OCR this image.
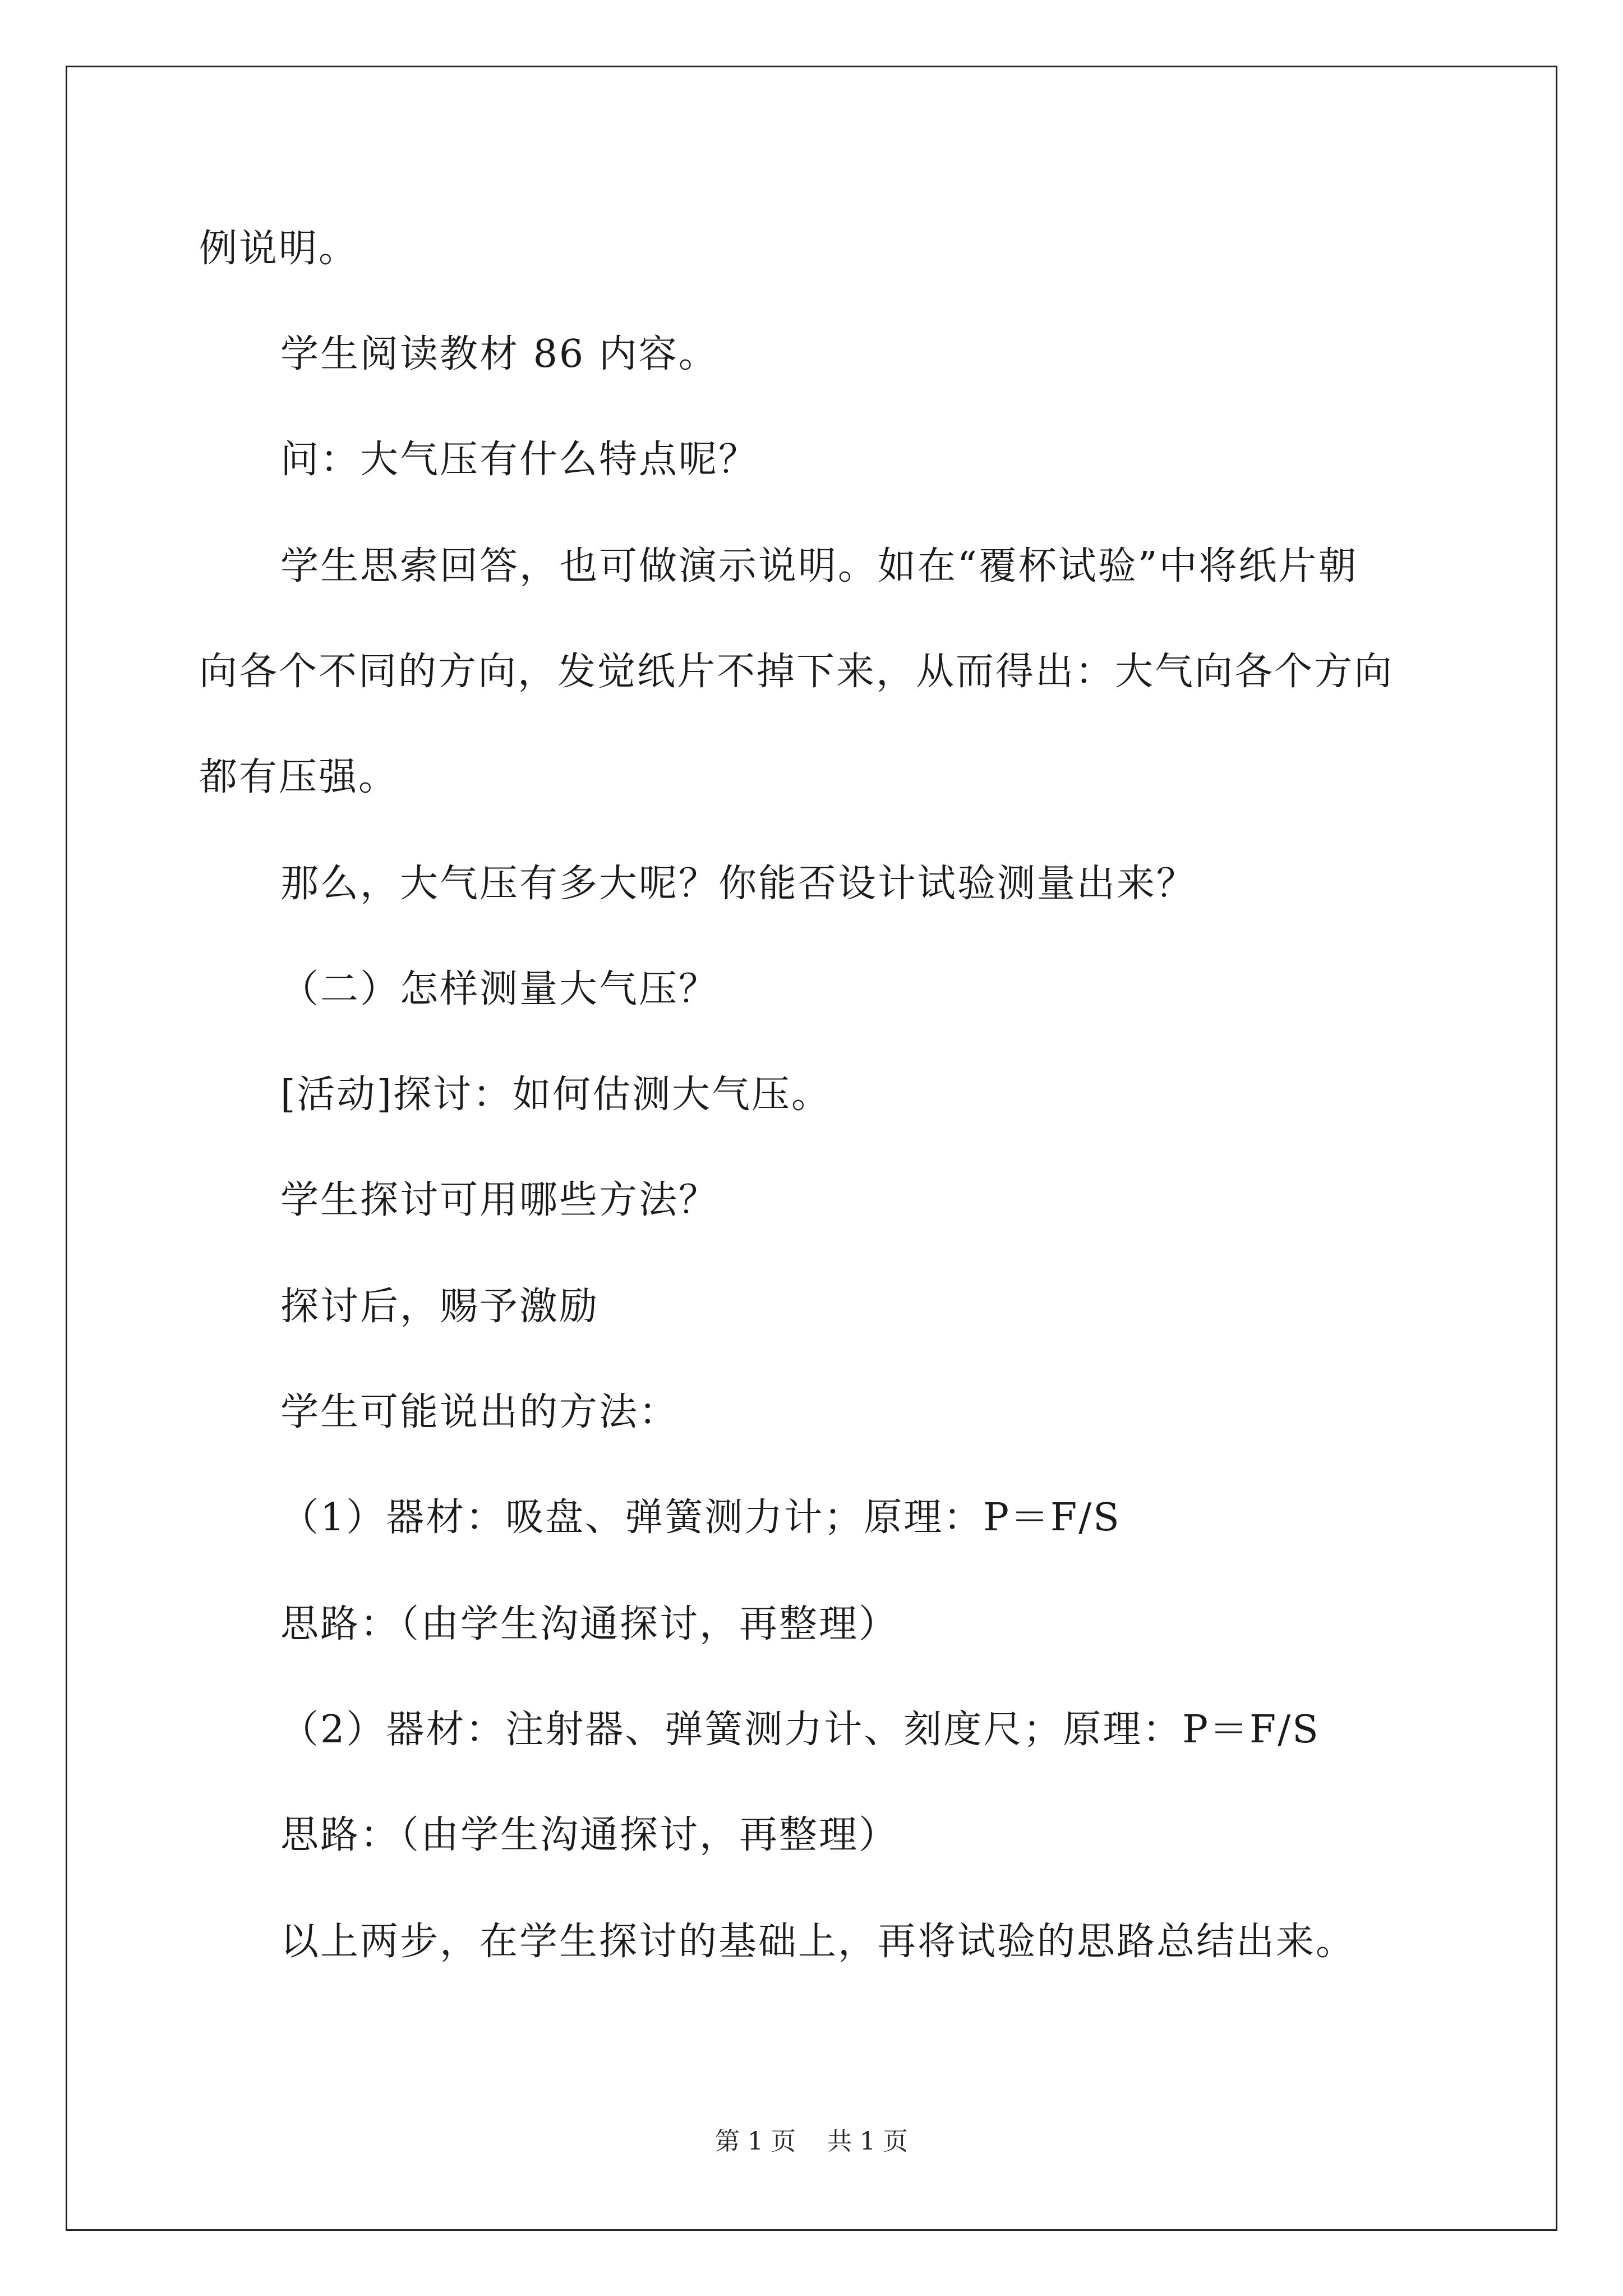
例说明。
学生阅读教材 86 内容。
问：大气压有什么特点呢？
学生思索回答，也可做演示说明。如在“覆杯试验”中将纸片朝
向各个不同的方向，发觉纸片不掉下来，从而得出：大气向各个方向
都有压强。
那么，大气压有多大呢？你能否设计试验测量出来？
（二）怎样测量大气压？
[活动]探讨：如何估测大气压。
学生探讨可用哪些方法？
探讨后，赐予激励
学生可能说出的方法：
（1）器材：吸盘、弹簧测力计；原理：P＝F/S
思路：（由学生沟通探讨，再整理）
（2）器材：注射器、弹簧测力计、刻度尺；原理：P＝F/S
思路：（由学生沟通探讨，再整理）
以上两步，在学生探讨的基础上，再将试验的思路总结出来。
第 1 页    共 1 页
